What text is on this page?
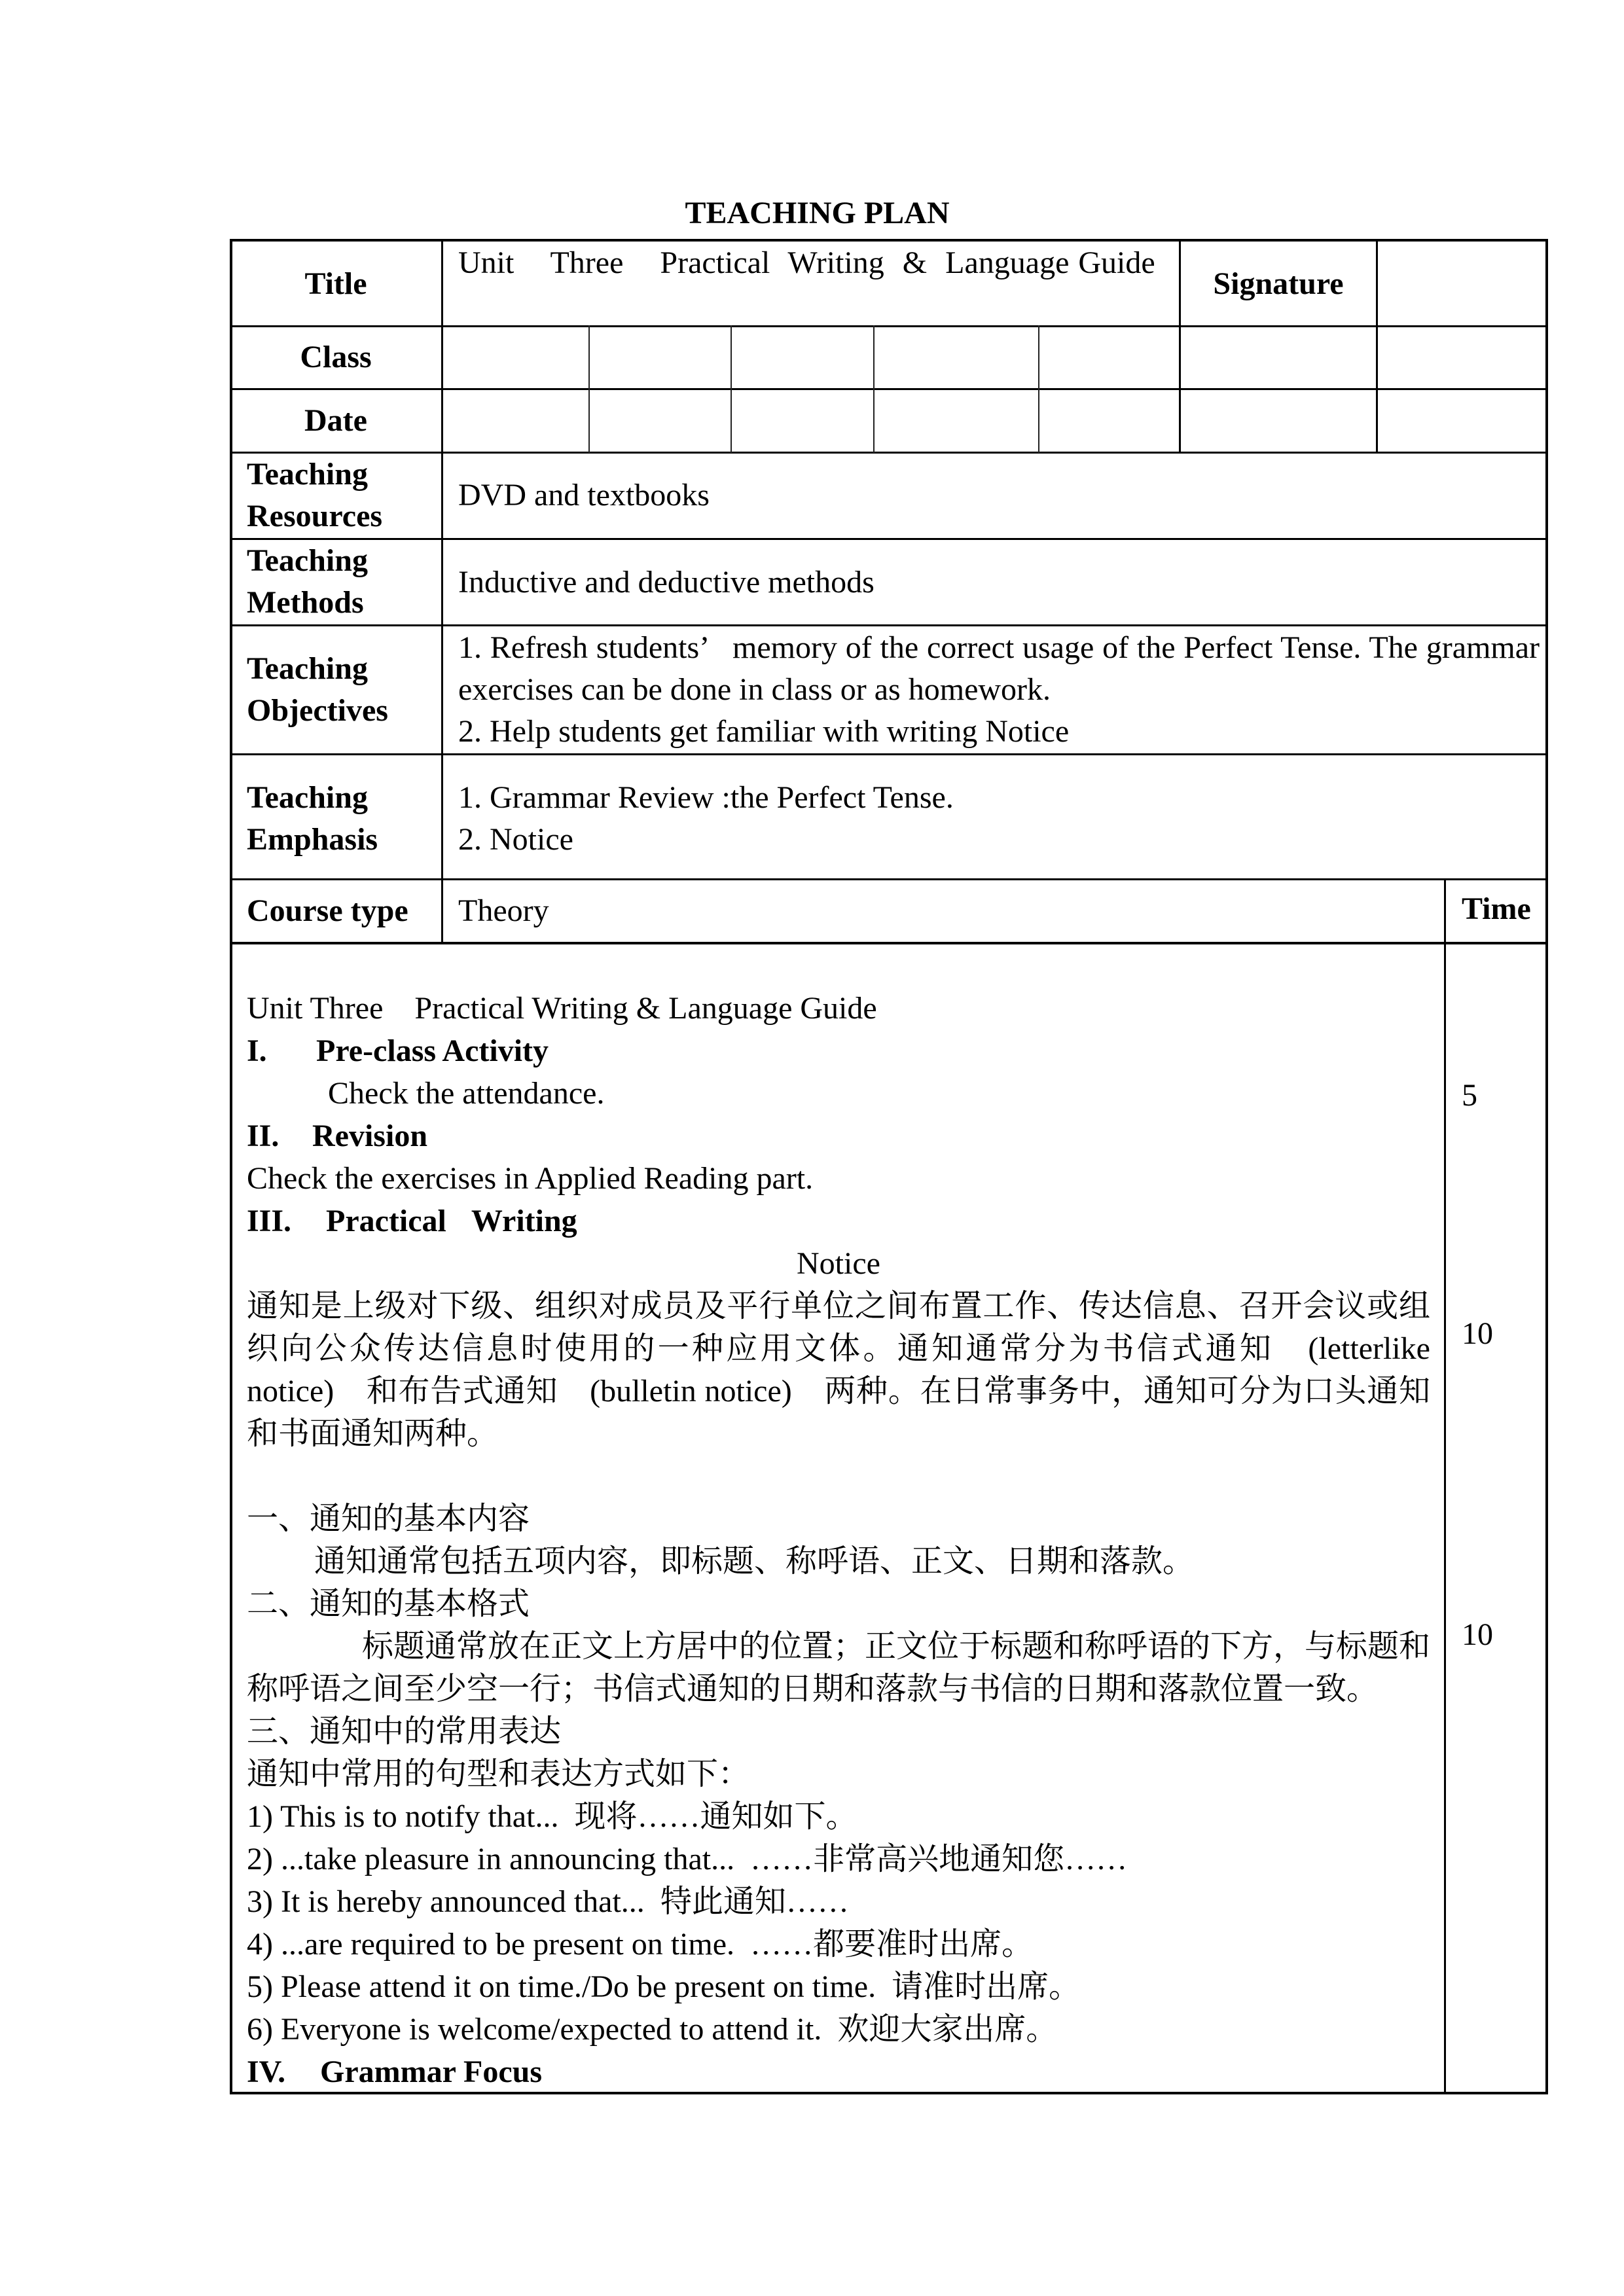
TEACHING PLAN
Title
Unit    Three    Practical  Writing  &  Language Guide
Signature
Class
Date
Teaching
Resources
DVD and textbooks
Teaching
Methods
Inductive and deductive methods
Teaching
Objectives
1. Refresh students’   memory of the correct usage of the Perfect Tense. The grammar exercises can be done in class or as homework.
2. Help students get familiar with writing Notice
Teaching
Emphasis
1. Grammar Review :the Perfect Tense.
2. Notice
Course type Theory	Time
Unit Three    Practical Writing & Language Guide
I. Pre-class Activity
Check the attendance.
II. Revision
Check the exercises in Applied Reading part.
III. Practical Writing
Notice
通知是上级对下级、组织对成员及平行单位之间布置工作、传达信息、召开会议或组织向公众传达信息时使用的一种应用文体。通知通常分为书信式通知　(letterlike notice)　和布告式通知　(bulletin notice)　两种。在日常事务中，通知可分为口头通知和书面通知两种。
一、通知的基本内容
通知通常包括五项内容，即标题、称呼语、正文、日期和落款。
二、通知的基本格式
标题通常放在正文上方居中的位置；正文位于标题和称呼语的下方，与标题和称呼语之间至少空一行；书信式通知的日期和落款与书信的日期和落款位置一致。
三、通知中的常用表达
通知中常用的句型和表达方式如下：
1) This is to notify that... 现将……通知如下。
2) ...take pleasure in announcing that... ……非常高兴地通知您……
3) It is hereby announced that... 特此通知……
4) ...are required to be present on time. ……都要准时出席。
5) Please attend it on time./Do be present on time. 请准时出席。
6) Everyone is welcome/expected to attend it. 欢迎大家出席。
IV. Grammar Focus
5
10
10
